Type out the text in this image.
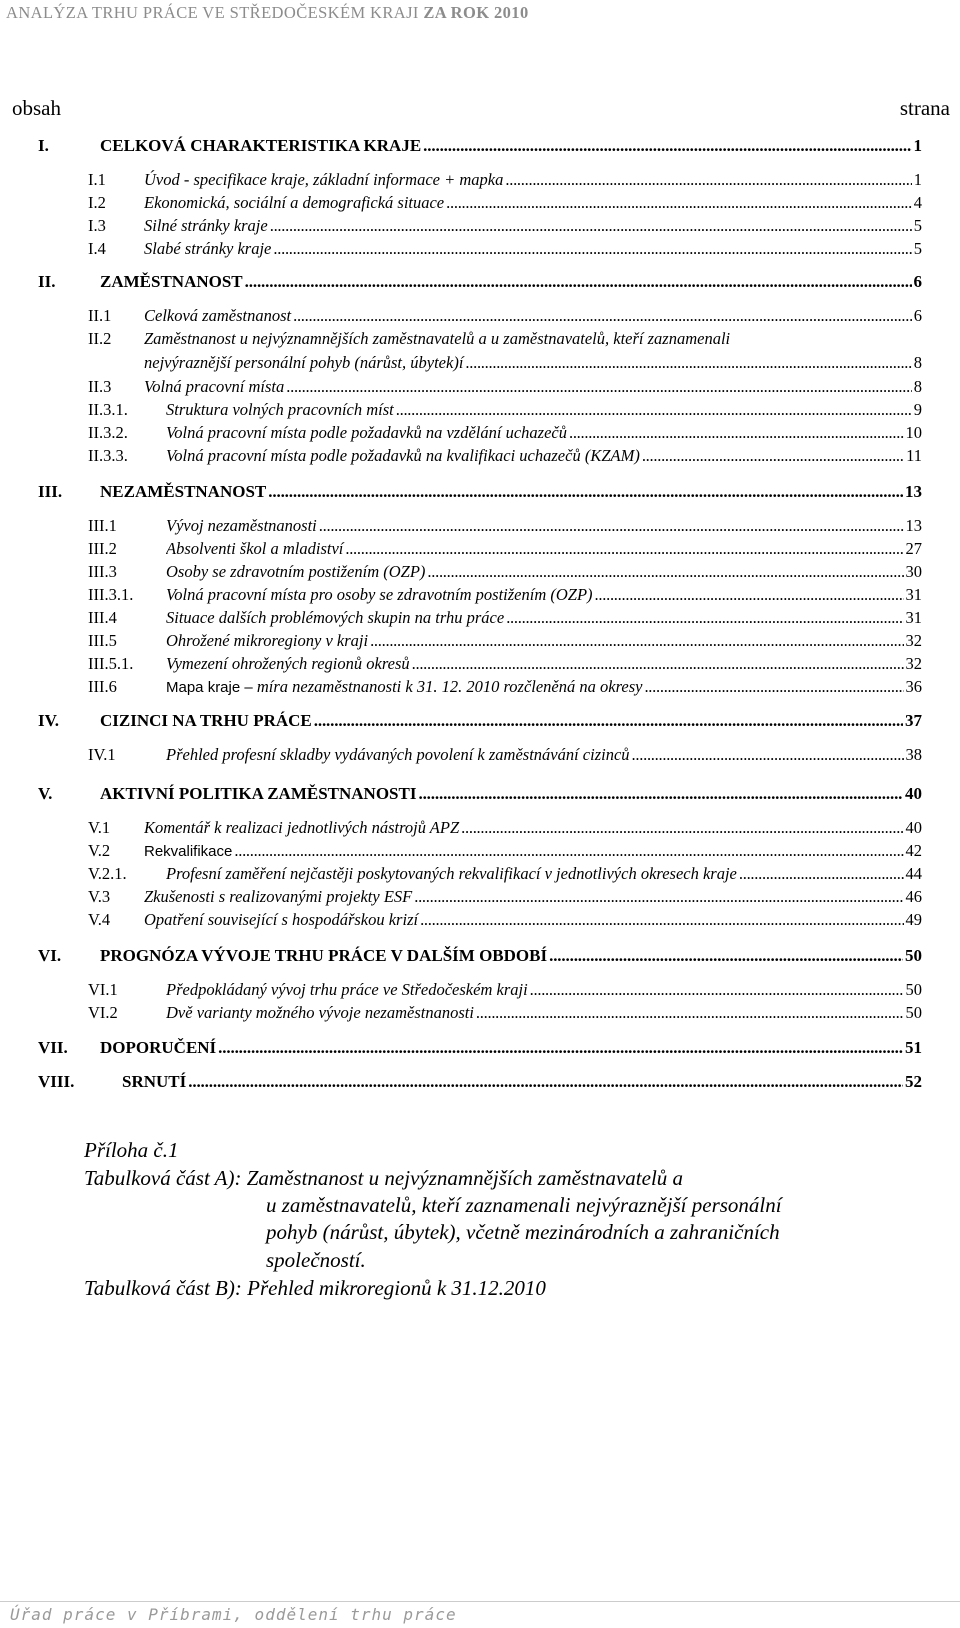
ANALÝZA TRHU PRÁCE VE STŘEDOČESKÉM KRAJI ZA ROK 2010
obsah	strana
I.	CELKOVÁ CHARAKTERISTIKA KRAJE . . .	1
I.1 Úvod - specifikace kraje, základní informace + mapka . . .	1
I.2 Ekonomická, sociální a demografická situace . . .	4
I.3 Silné stránky kraje . . .	5
I.4 Slabé stránky kraje . . .	5
II.	ZAMĚSTNANOST . . .	6
II.1 Celková zaměstnanost . . .	6
II.2 Zaměstnanost u nejvýznamnějších zaměstnavatelů a u zaměstnavatelů, kteří zaznamenali
nejvýraznější personální pohyb (nárůst, úbytek)í . . .	8
II.3 Volná pracovní místa . . .	8
II.3.1. Struktura volných pracovních míst . . .	9
II.3.2. Volná pracovní místa podle požadavků na vzdělání uchazečů . . .	10
II.3.3. Volná pracovní místa podle požadavků na kvalifikaci uchazečů (KZAM) . . .	11
III. NEZAMĚSTNANOST . . .	13
III.1	Vývoj nezaměstnanosti . . .	13
III.2	Absolventi škol a mladiství . . .	27
III.3	Osoby se zdravotním postižením (OZP) . . .	30
III.3.1. Volná pracovní místa pro osoby se zdravotním postižením (OZP) . . .	31
III.4	Situace dalších problémových skupin na trhu práce . . .	31
III.5	Ohrožené mikroregiony v kraji . . .	32
III.5.1. Vymezení ohrožených regionů okresů . . .	32
III.6	Mapa kraje – míra nezaměstnanosti k 31. 12. 2010 rozčleněná na okresy . . .	36
IV. CIZINCI NA TRHU PRÁCE . . .	37
IV.1	Přehled profesní skladby vydávaných povolení k zaměstnávání cizinců . . .	38
V.	AKTIVNÍ POLITIKA ZAMĚSTNANOSTI . . .	40
V.1 Komentář k realizaci jednotlivých nástrojů APZ . . .	40
V.2 Rekvalifikace . . .	42
V.2.1. Profesní zaměření nejčastěji poskytovaných rekvalifikací v jednotlivých okresech kraje . . .	44
V.3 Zkušenosti s realizovanými projekty ESF . . .	46
V.4 Opatření související s hospodářskou krizí . . .	49
VI. PROGNÓZA VÝVOJE TRHU PRÁCE V DALŠÍM OBDOBÍ . . .	50
VI.1	Předpokládaný vývoj trhu práce ve Středočeském kraji . . .	50
VI.2	Dvě varianty možného vývoje nezaměstnanosti . . .	50
VII. DOPORUČENÍ . . .	51
VIII.	SRNUTÍ . . .	52
Příloha č.1
Tabulková část A): Zaměstnanost u nejvýznamnějších zaměstnavatelů a
u zaměstnavatelů, kteří zaznamenali nejvýraznější personální
pohyb (nárůst, úbytek), včetně mezinárodních a zahraničních
společností.
Tabulková část B): Přehled mikroregionů k 31.12.2010
Úřad práce v Příbrami, oddělení trhu práce
